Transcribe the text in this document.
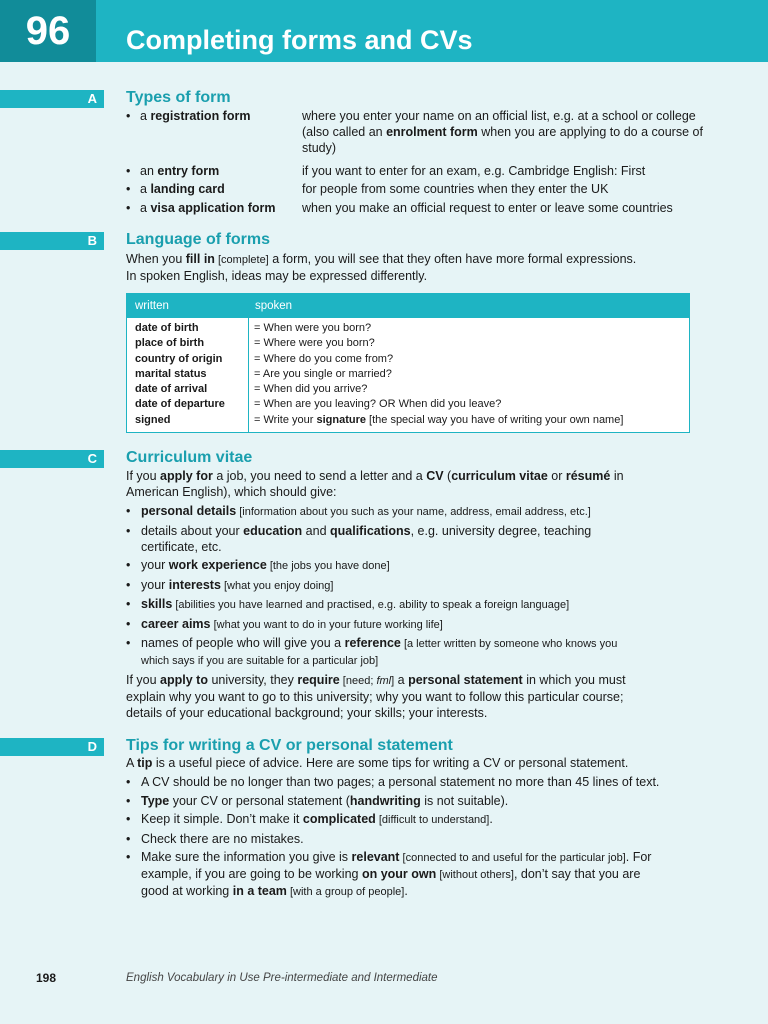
96	Completing forms and CVs
A	Types of form
• a registration form	where you enter your name on an official list, e.g. at a school or college (also called an enrolment form when you are applying to do a course of study)
• an entry form	if you want to enter for an exam, e.g. Cambridge English: First
• a landing card	for people from some countries when they enter the UK
• a visa application form when you make an official request to enter or leave some countries
B	Language of forms

When you fill in [complete] a form, you will see that they often have more formal expressions.

In spoken English, ideas may be expressed differently.

written	spoken
date of birth	= When were you born?
place of birth	= Where were you born?
country of origin	= Where do you come from?
marital status	= Are you single or married?
date of arrival	= When did you arrive?
date of departure	= When are you leaving? OR When did you leave?
signed	= Write your signature [the special way you have of writing your own name]
C	Curriculum vitae

If you apply for a job, you need to send a letter and a CV (curriculum vitae or résumé in American English), which should give:

• personal details [information about you such as your name, address, email address, etc.]
• details about your education and qualifications, e.g. university degree, teaching certificate, etc.
• your work experience [the jobs you have done]
• your interests [what you enjoy doing]
• skills [abilities you have learned and practised, e.g. ability to speak a foreign language]
• career aims [what you want to do in your future working life]
• names of people who will give you a reference [a letter written by someone who knows you which says if you are suitable for a particular job]

If you apply to university, they require [need; fml] a personal statement in which you must explain why you want to go to this university; why you want to follow this particular course; details of your educational background; your skills; your interests.

D	Tips for writing a CV or personal statement

A tip is a useful piece of advice. Here are some tips for writing a CV or personal statement.

• A CV should be no longer than two pages; a personal statement no more than 45 lines of text.
• Type your CV or personal statement (handwriting is not suitable).
• Keep it simple. Don’t make it complicated [difficult to understand].
• Check there are no mistakes.
• Make sure the information you give is relevant [connected to and useful for the particular job]. For example, if you are going to be working on your own [without others], don’t say that you are good at working in a team [with a group of people].
198	English Vocabulary in Use Pre-intermediate and Intermediate
